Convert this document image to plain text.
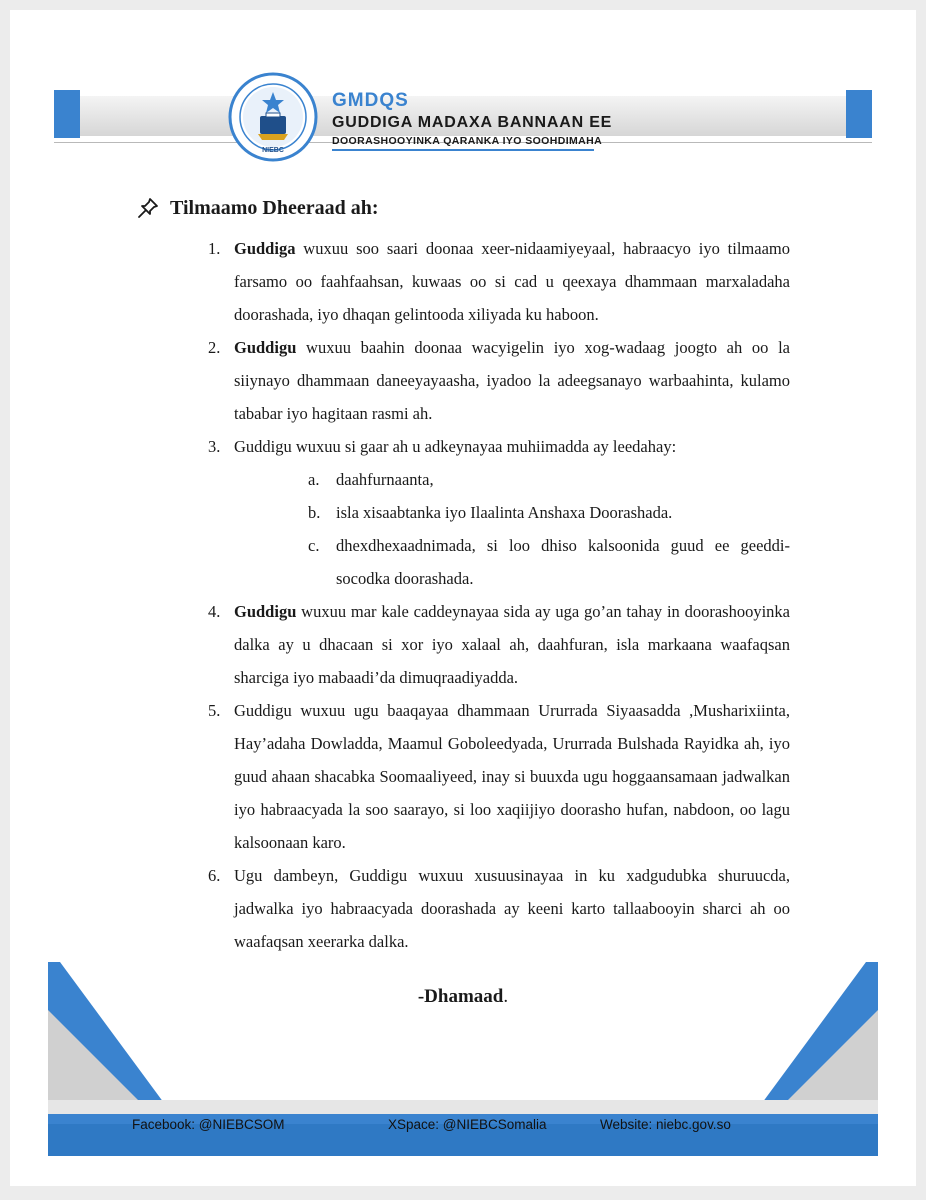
NIEBC
GMDQS
GUDDIGA MADAXA BANNAAN EE
DOORASHOOYINKA QARANKA IYO SOOHDIMAHA
Tilmaamo Dheeraad ah:
1. Guddiga wuxuu soo saari doonaa xeer-nidaamiyeyaal, habraacyo iyo tilmaamo farsamo oo faahfaahsan, kuwaas oo si cad u qeexaya dhammaan marxaladaha doorashada, iyo dhaqan gelintooda xiliyada ku haboon.
2. Guddigu wuxuu baahin doonaa wacyigelin iyo xog-wadaag joogto ah oo la siiynayo dhammaan daneeyayaasha, iyadoo la adeegsanayo warbaahinta, kulamo tababar iyo hagitaan rasmi ah.
3. Guddigu wuxuu si gaar ah u adkeynayaa muhiimadda ay leedahay:
a. daahfurnaanta,
b. isla xisaabtanka iyo Ilaalinta Anshaxa Doorashada.
c. dhexdhexaadnimada, si loo dhiso kalsoonida guud ee geeddi-socodka doorashada.
4. Guddigu wuxuu mar kale caddeynayaa sida ay uga go’an tahay in doorashooyinka dalka ay u dhacaan si xor iyo xalaal ah, daahfuran, isla markaana waafaqsan sharciga iyo mabaadi’da dimuqraadiyadda.
5. Guddigu wuxuu ugu baaqayaa dhammaan Ururrada Siyaasadda ,Musharixiinta, Hay’adaha Dowladda, Maamul Goboleedyada, Ururrada Bulshada Rayidka ah, iyo guud ahaan shacabka Soomaaliyeed, inay si buuxda ugu hoggaansamaan jadwalkan iyo habraacyada la soo saarayo, si loo xaqiijiyo doorasho hufan, nabdoon, oo lagu kalsoonaan karo.
6. Ugu dambeyn, Guddigu wuxuu xusuusinayaa in ku xadgudubka shuruucda, jadwalka iyo habraacyada doorashada ay keeni karto tallaabooyin sharci ah oo waafaqsan xeerarka dalka.
-Dhamaad.
Facebook: @NIEBCSOM	XSpace: @NIEBCSomalia	Website: niebc.gov.so
